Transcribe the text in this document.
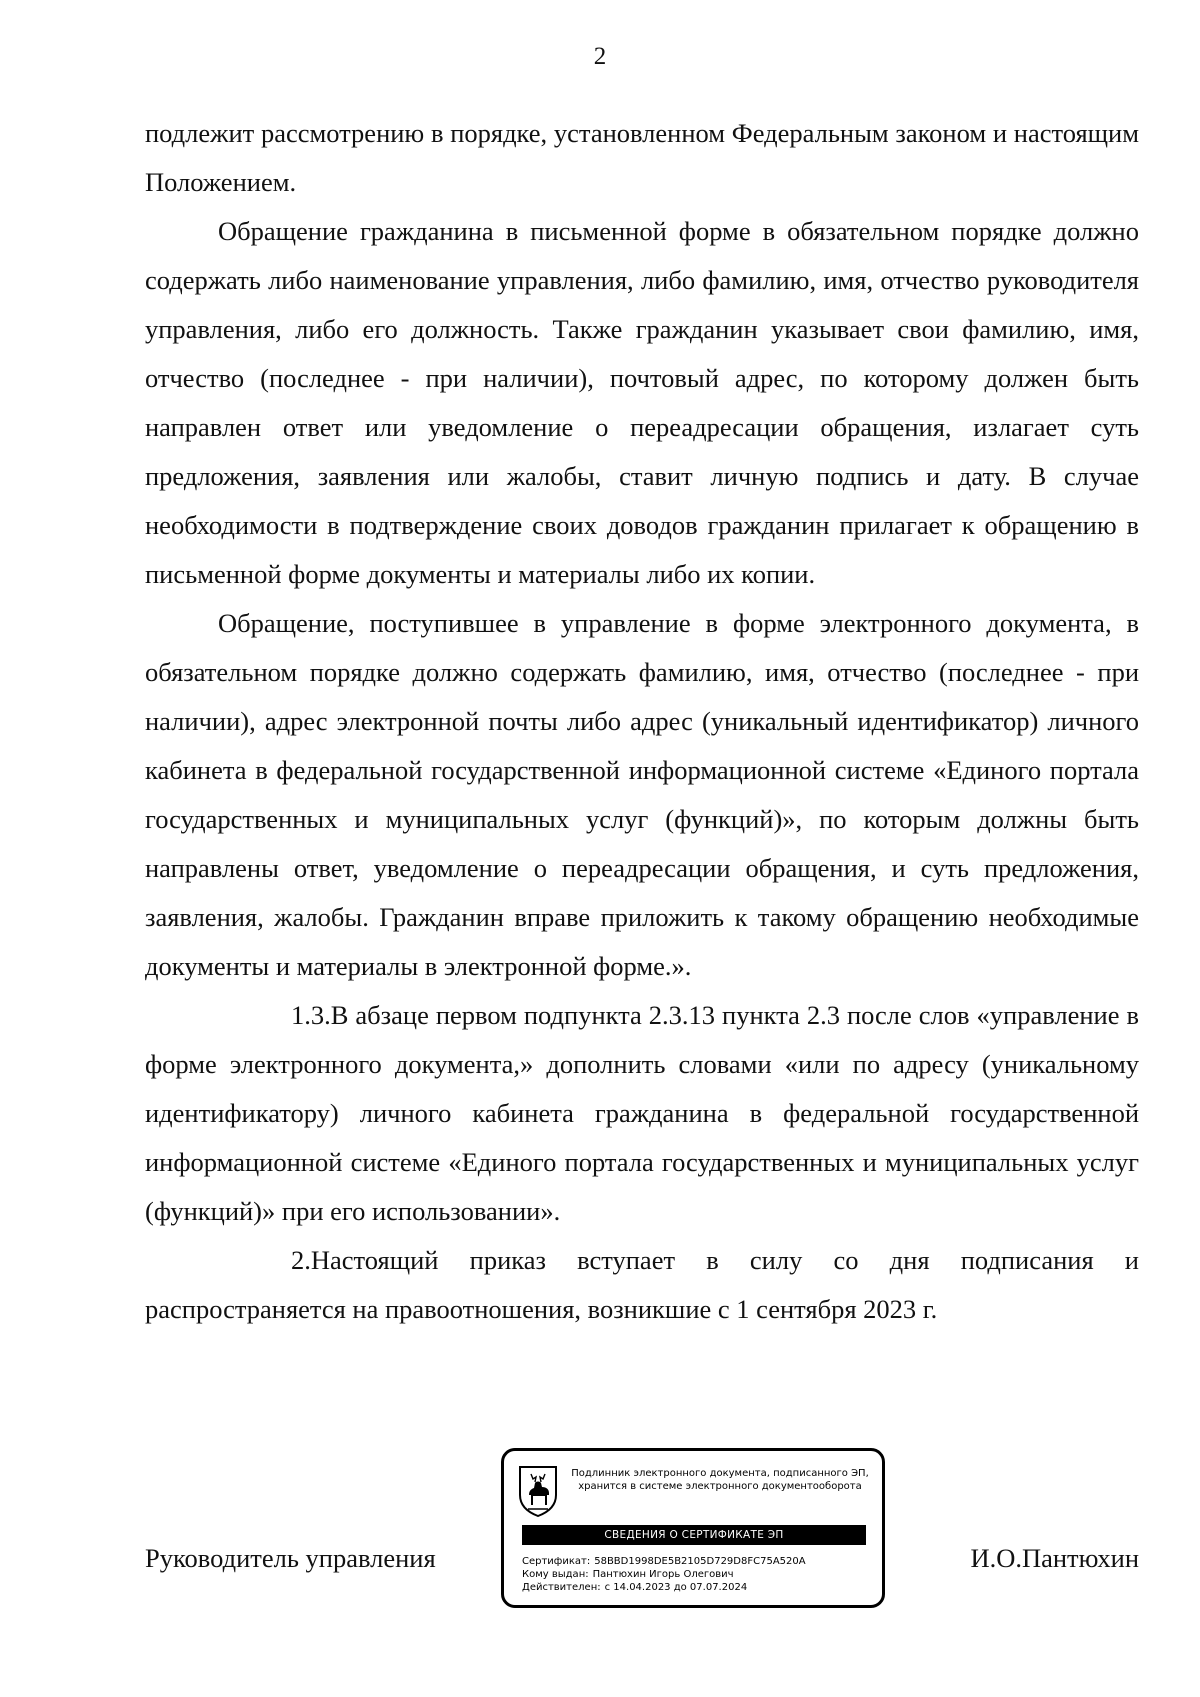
2

подлежит рассмотрению в порядке, установленном Федеральным законом и настоящим Положением.

Обращение гражданина в письменной форме в обязательном порядке должно содержать либо наименование управления, либо фамилию, имя, отчество руководителя управления, либо его должность. Также гражданин указывает свои фамилию, имя, отчество (последнее - при наличии), почтовый адрес, по которому должен быть направлен ответ или уведомление о переадресации обращения, излагает суть предложения, заявления или жалобы, ставит личную подпись и дату. В случае необходимости в подтверждение своих доводов гражданин прилагает к обращению в письменной форме документы и материалы либо их копии.

Обращение, поступившее в управление в форме электронного документа, в обязательном порядке должно содержать фамилию, имя, отчество (последнее - при наличии), адрес электронной почты либо адрес (уникальный идентификатор) личного кабинета в федеральной государственной информационной системе «Единого портала государственных и муниципальных услуг (функций)», по которым должны быть направлены ответ, уведомление о переадресации обращения, и суть предложения, заявления, жалобы. Гражданин вправе приложить к такому обращению необходимые документы и материалы в электронной форме.».

1.3.В абзаце первом подпункта 2.3.13 пункта 2.3 после слов «управление в форме электронного документа,» дополнить словами «или по адресу (уникальному идентификатору) личного кабинета гражданина в федеральной государственной информационной системе «Единого портала государственных и муниципальных услуг (функций)» при его использовании».

2.Настоящий приказ вступает в силу со дня подписания и распространяется на правоотношения, возникшие с 1 сентября 2023 г.

Руководитель управления	И.О.Пантюхин
Подлинник электронного документа, подписанного ЭП,
хранится в системе электронного документооборота
СВЕДЕНИЯ О СЕРТИФИКАТЕ ЭП
Сертификат: 58BBD1998DE5B2105D729D8FC75A520A
Кому выдан: Пантюхин Игорь Олегович
Действителен: с 14.04.2023 до 07.07.2024
